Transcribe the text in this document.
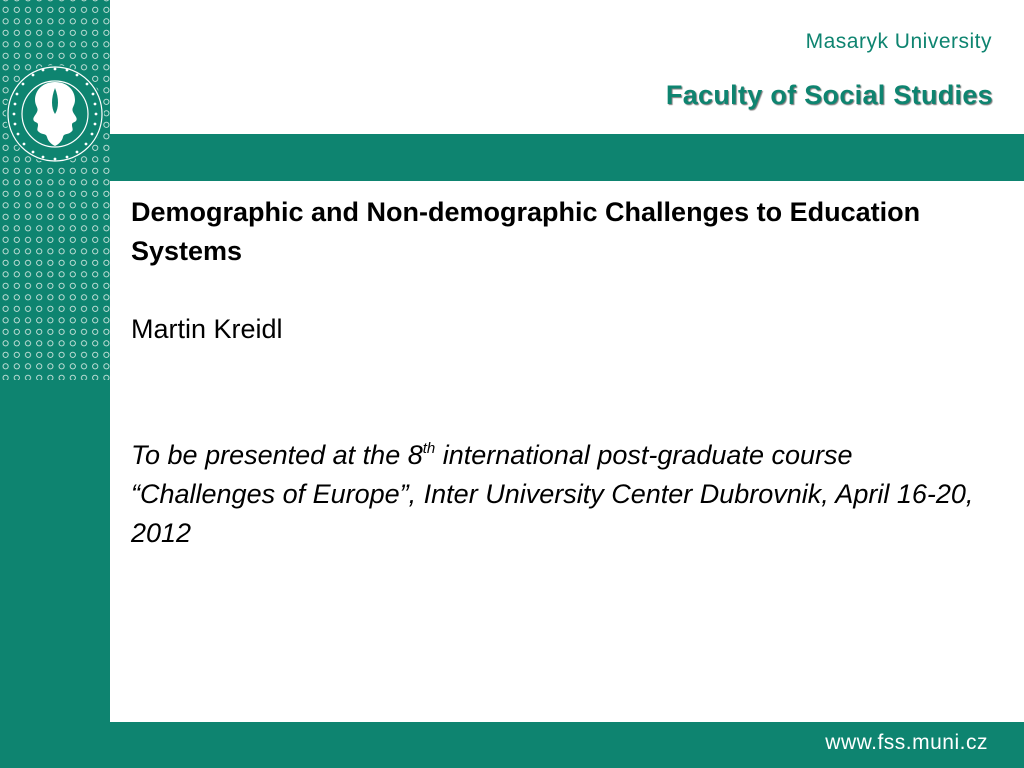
Masaryk University
Faculty of Social Studies
Demographic and Non-demographic Challenges to Education Systems
Martin Kreidl
To be presented at the 8th international post-graduate course “Challenges of Europe”, Inter University Center Dubrovnik, April 16-20, 2012
www.fss.muni.cz
